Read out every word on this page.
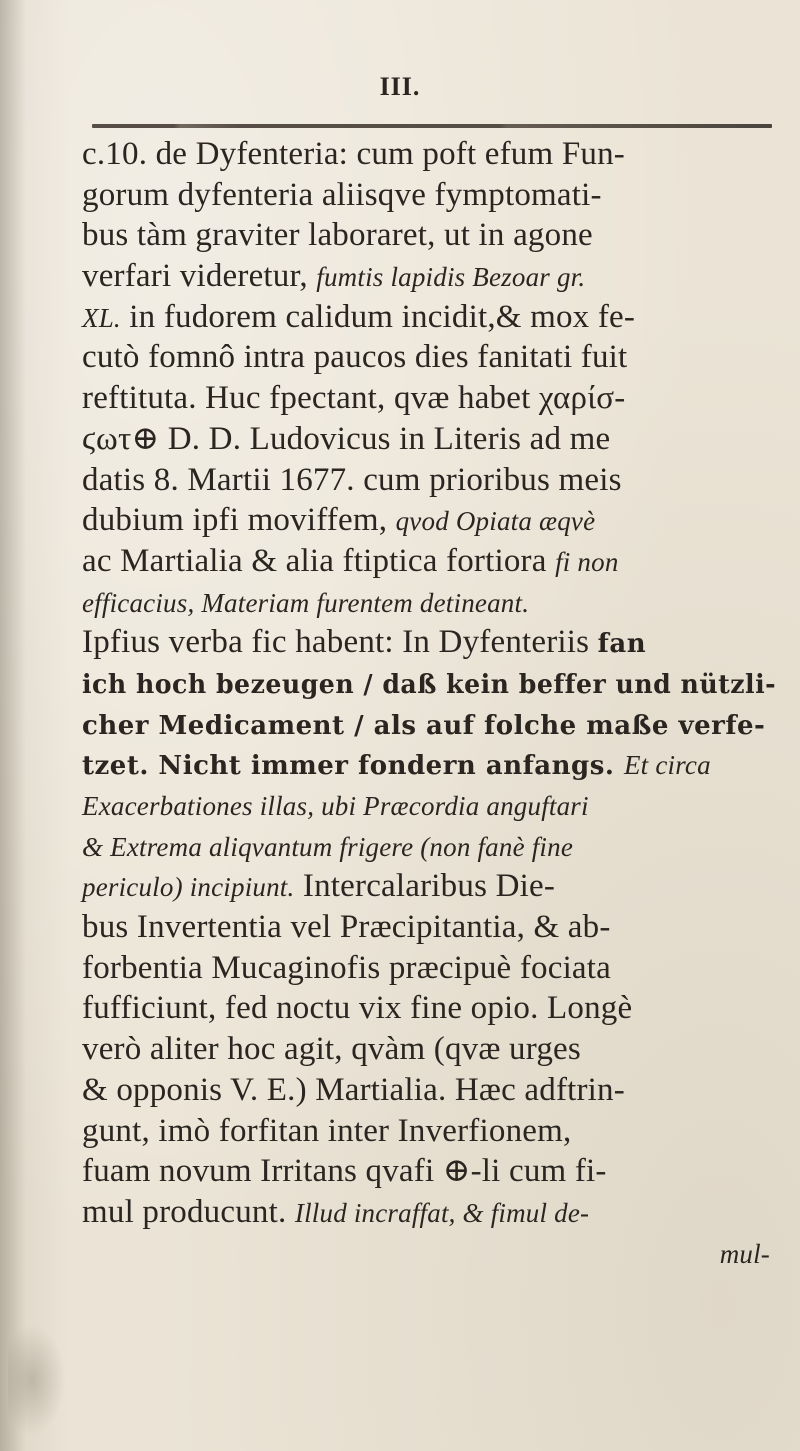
III.
c.10. de Dyfenteria: cum poft efum Fun-
gorum dyfenteria aliisqve fymptomati-
bus tàm graviter laboraret, ut in agone
verfari videretur, fumtis lapidis Bezoar gr.
XL. in fudorem calidum incidit,& mox fe-
cutò fomnô intra paucos dies fanitati fuit
reftituta. Huc fpectant, qvæ habet χαρίσ-
ϛωτ⊕ D. D. Ludovicus in Literis ad me
datis 8. Martii 1677. cum prioribus meis
dubium ipfi moviffem, qvod Opiata æqvè
ac Martialia & alia ftiptica fortiora fi non
efficacius, Materiam furentem detineant.
Ipfius verba fic habent: In Dyfenteriis fan
ich hoch bezeugen / daß kein beffer und nützli-
cher Medicament / als auf folche maße verfe-
tzet. Nicht immer fondern anfangs. Et circa
Exacerbationes illas, ubi Præcordia anguftari
& Extrema aliqvantum frigere (non fanè fine
periculo) incipiunt. Intercalaribus Die-
bus Invertentia vel Præcipitantia, & ab-
forbentia Mucaginofis præcipuè fociata
fufficiunt, fed noctu vix fine opio. Longè
verò aliter hoc agit, qvàm (qvæ urges
& opponis V. E.) Martialia. Hæc adftrin-
gunt, imò forfitan inter Inverfionem,
fuam novum Irritans qvafi ⊕-li cum fi-
mul producunt. Illud incraffat, & fimul de-
mul-
